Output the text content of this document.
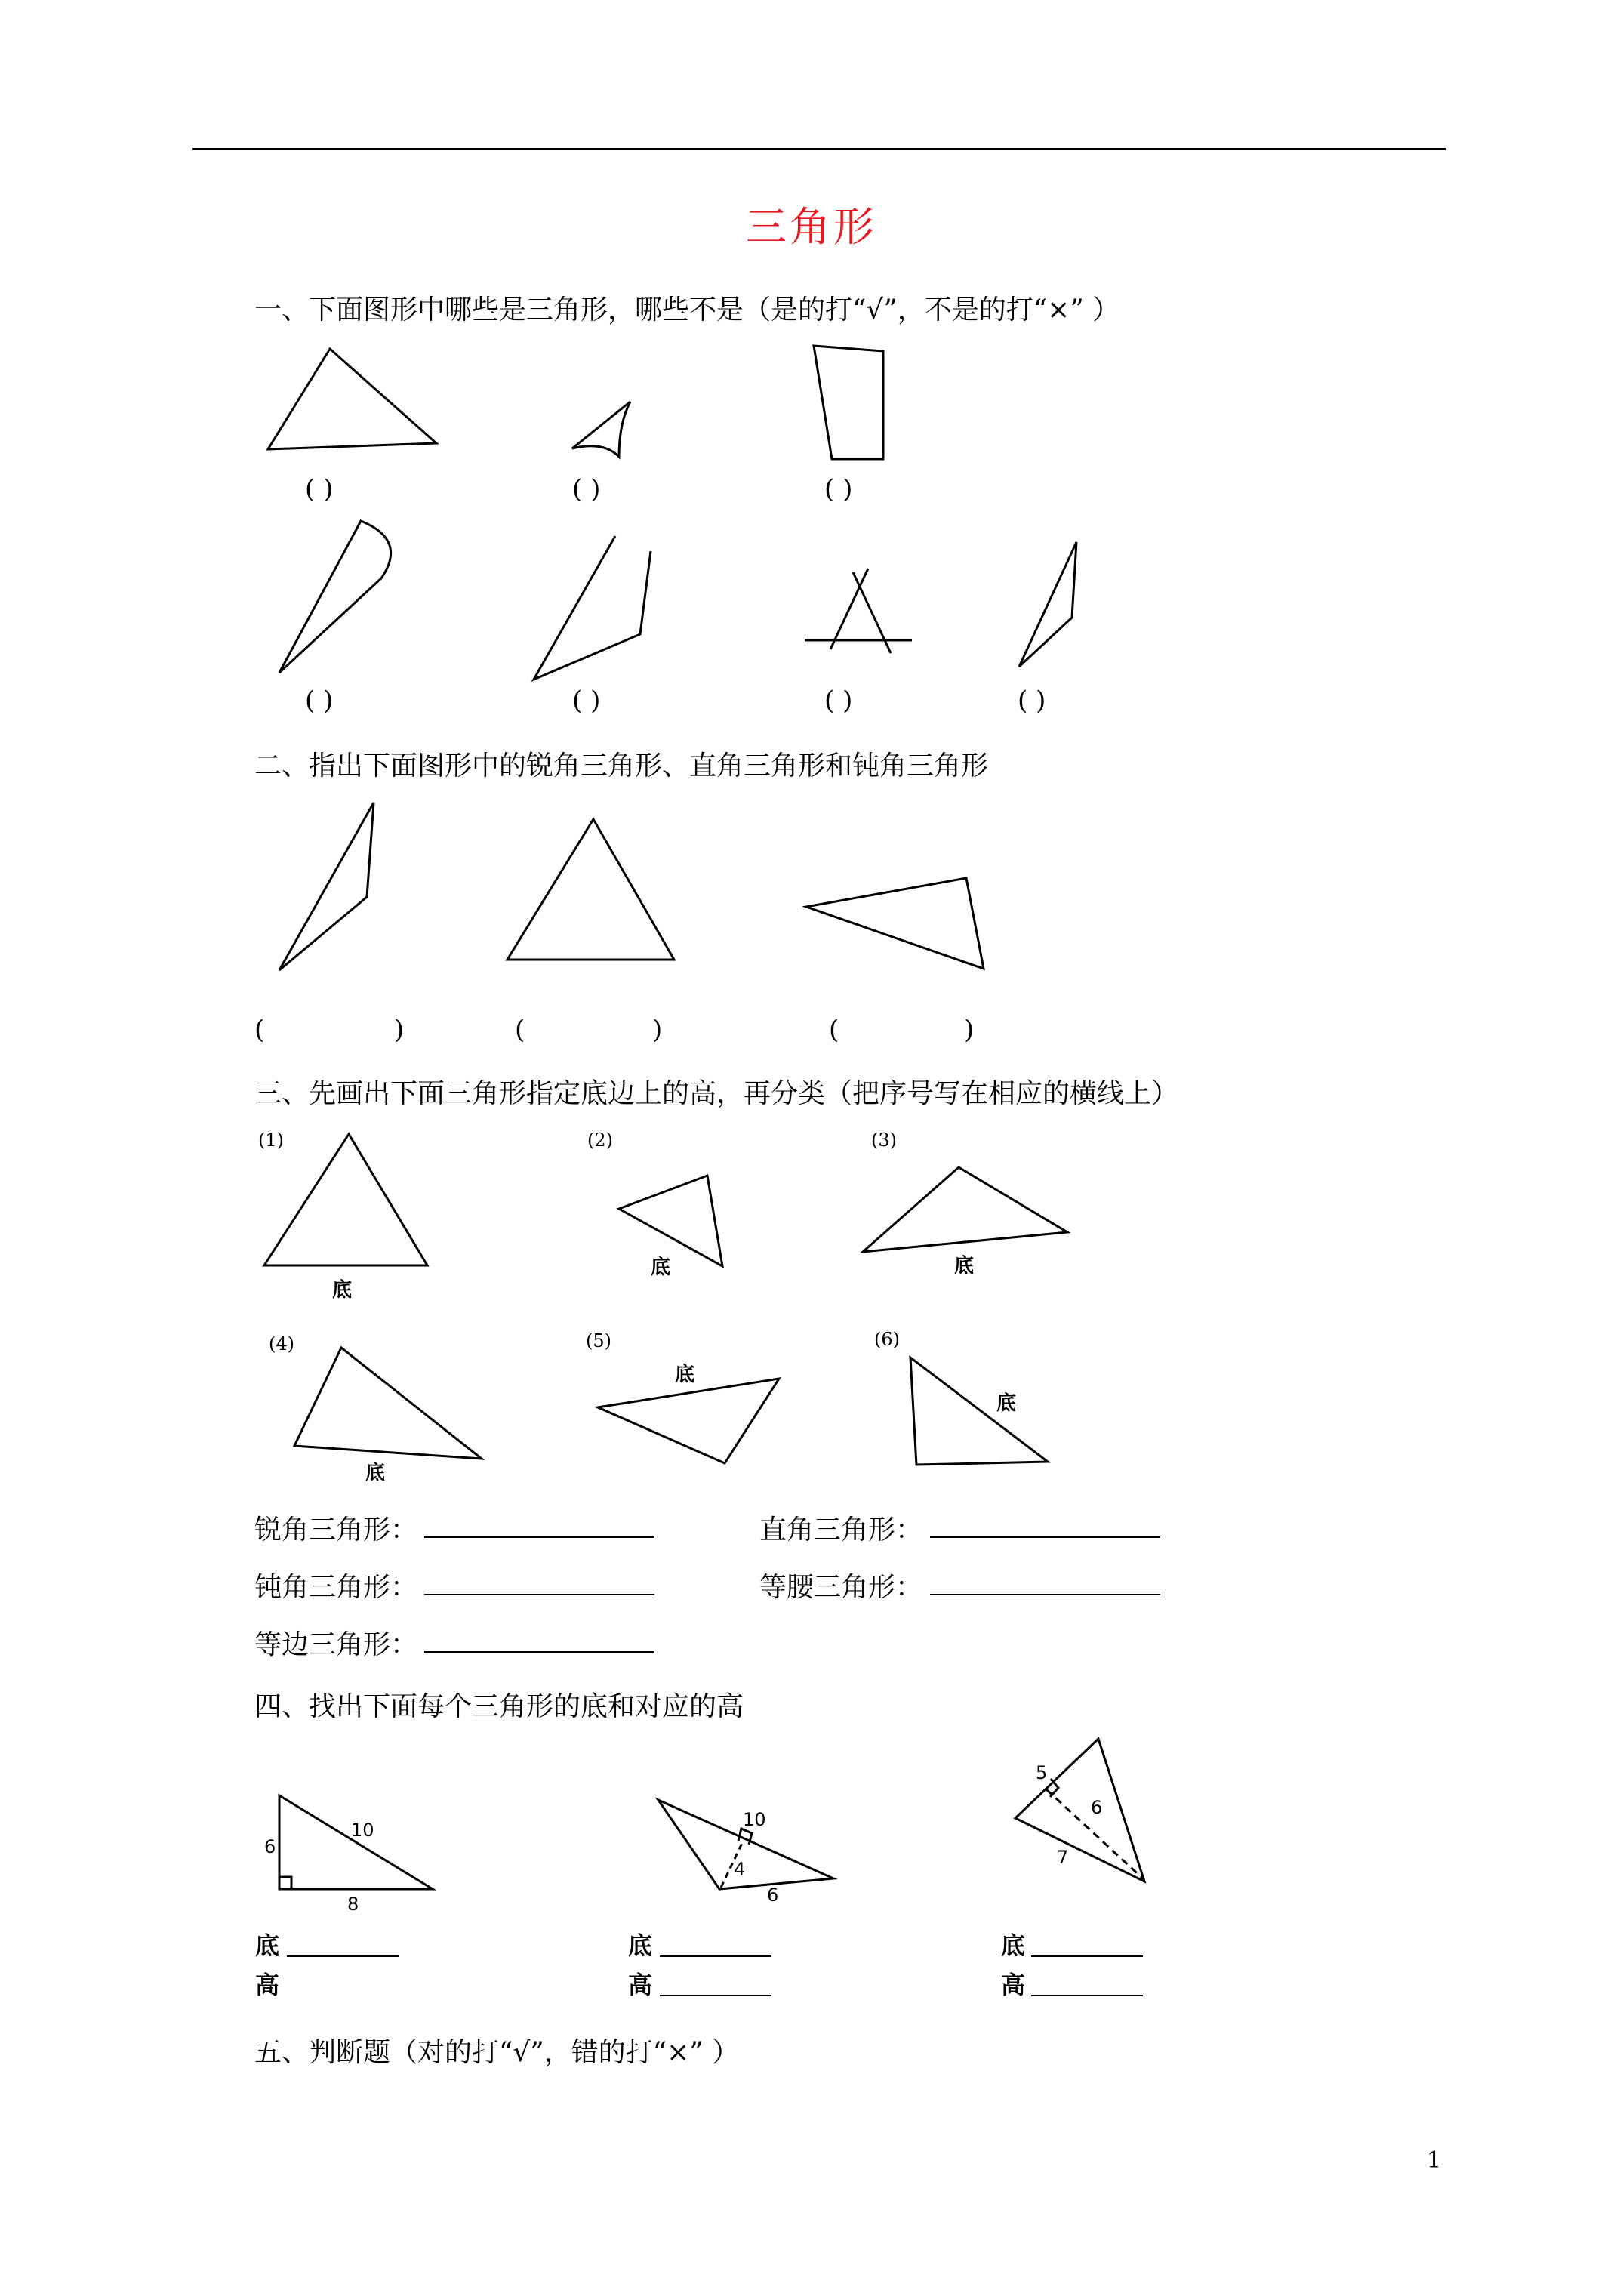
三角形
一、下面图形中哪些是三角形，哪些不是（是的打“√”，不是的打“×” ）
二、指出下面图形中的锐角三角形、直角三角形和钝角三角形
三、先画出下面三角形指定底边上的高，再分类（把序号写在相应的横线上）
四、找出下面每个三角形的底和对应的高
五、判断题（对的打“√”，错的打“×” ）
6
10
8
10
4
6
5
6
7
( )	( )	( )
( )	( )	( )	( )
(	)	(	)	(	)
(1)	(2)	(3)
(4)	(5)	(6)
底
底	底
底
底
底
锐角三角形：	直角三角形：
钝角三角形：	等腰三角形：
等边三角形：
底
高
底
高
底
高
1
